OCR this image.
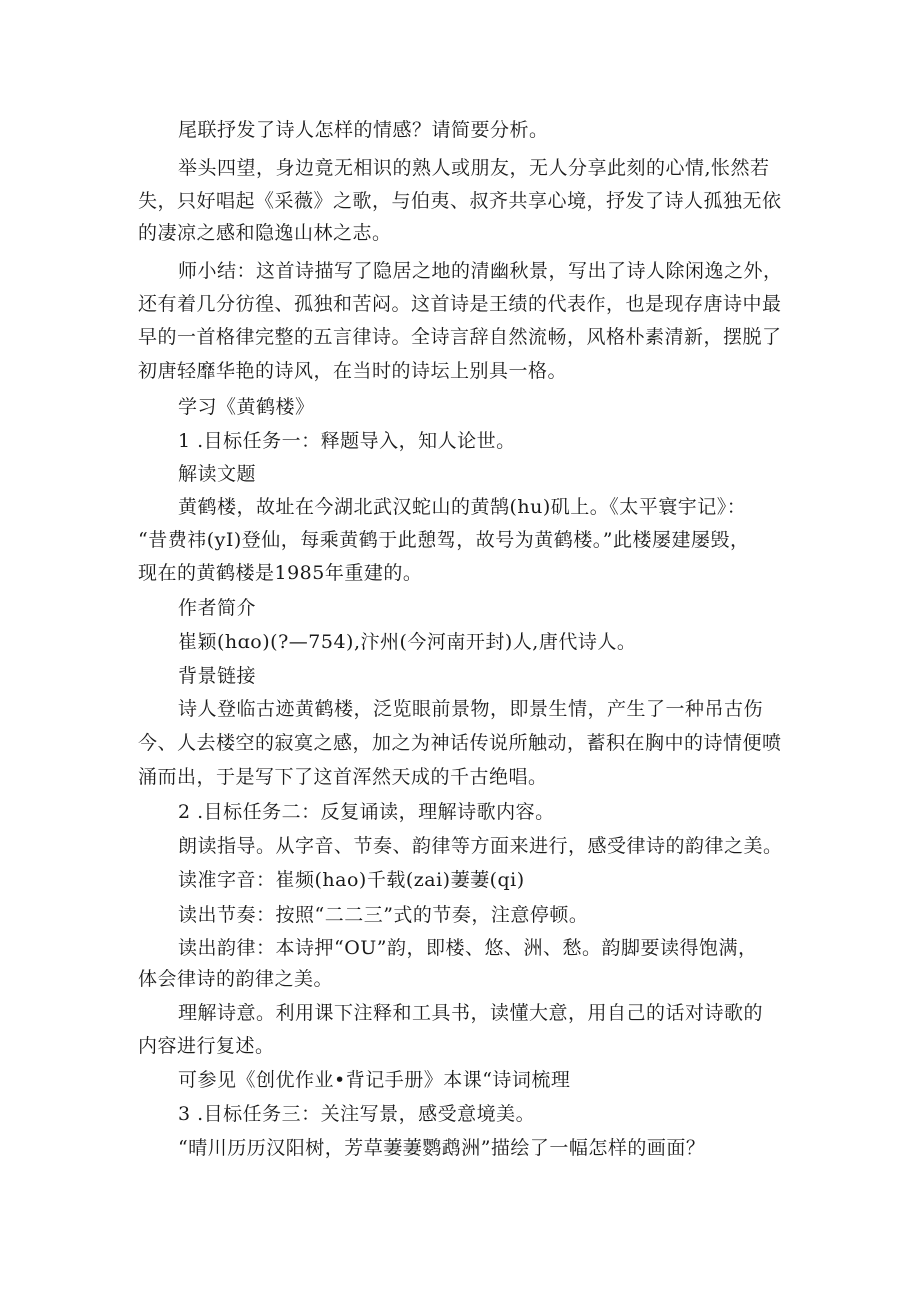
尾联抒发了诗人怎样的情感？请简要分析。
举头四望，身边竟无相识的熟人或朋友，无人分享此刻的心情,怅然若
失，只好唱起《采薇》之歌，与伯夷、叔齐共享心境，抒发了诗人孤独无依
的凄凉之感和隐逸山林之志。
师小结：这首诗描写了隐居之地的清幽秋景，写出了诗人除闲逸之外，
还有着几分彷徨、孤独和苦闷。这首诗是王绩的代表作，也是现存唐诗中最
早的一首格律完整的五言律诗。全诗言辞自然流畅，风格朴素清新，摆脱了
初唐轻靡华艳的诗风，在当时的诗坛上别具一格。
学习《黄鹤楼》
1 .目标任务一：释题导入，知人论世。
解读文题
黄鹤楼，故址在今湖北武汉蛇山的黄鹄(hu)矶上。《太平寰宇记》：
“昔费祎(yI)登仙，每乘黄鹤于此憩驾，故号为黄鹤楼。”此楼屡建屡毁，
现在的黄鹤楼是1985年重建的。
作者简介
崔颖(hɑo)(?—754),汴州(今河南开封)人,唐代诗人。
背景链接
诗人登临古迹黄鹤楼，泛览眼前景物，即景生情，产生了一种吊古伤
今、人去楼空的寂寞之感，加之为神话传说所触动，蓄积在胸中的诗情便喷
涌而出，于是写下了这首浑然天成的千古绝唱。
2 .目标任务二：反复诵读，理解诗歌内容。
朗读指导。从字音、节奏、韵律等方面来进行，感受律诗的韵律之美。
读准字音：崔频(hao)千载(zai)萋萋(qi)
读出节奏：按照“二二三”式的节奏，注意停顿。
读出韵律：本诗押“OU”韵，即楼、悠、洲、愁。韵脚要读得饱满，
体会律诗的韵律之美。
理解诗意。利用课下注释和工具书，读懂大意，用自己的话对诗歌的
内容进行复述。
可参见《创优作业•背记手册》本课“诗词梳理
3 .目标任务三：关注写景，感受意境美。
“晴川历历汉阳树，芳草萋萋鹦鹉洲”描绘了一幅怎样的画面？
